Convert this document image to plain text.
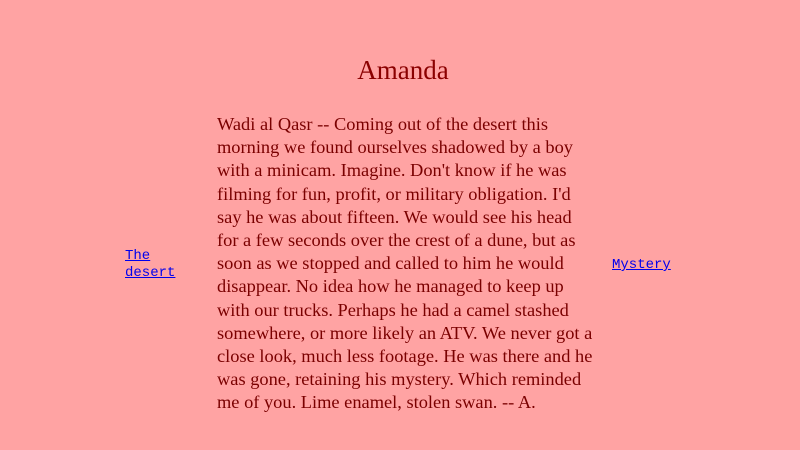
Amanda
The desert

Wadi al Qasr -- Coming out of the desert this morning we found ourselves shadowed by a boy with a minicam. Imagine. Don't know if he was filming for fun, profit, or military obligation. I'd say he was about fifteen. We would see his head for a few seconds over the crest of a dune, but as soon as we stopped and called to him he would disappear. No idea how he managed to keep up with our trucks. Perhaps he had a camel stashed somewhere, or more likely an ATV. We never got a close look, much less footage. He was there and he was gone, retaining his mystery. Which reminded me of you. Lime enamel, stolen swan. -- A.

Mystery
